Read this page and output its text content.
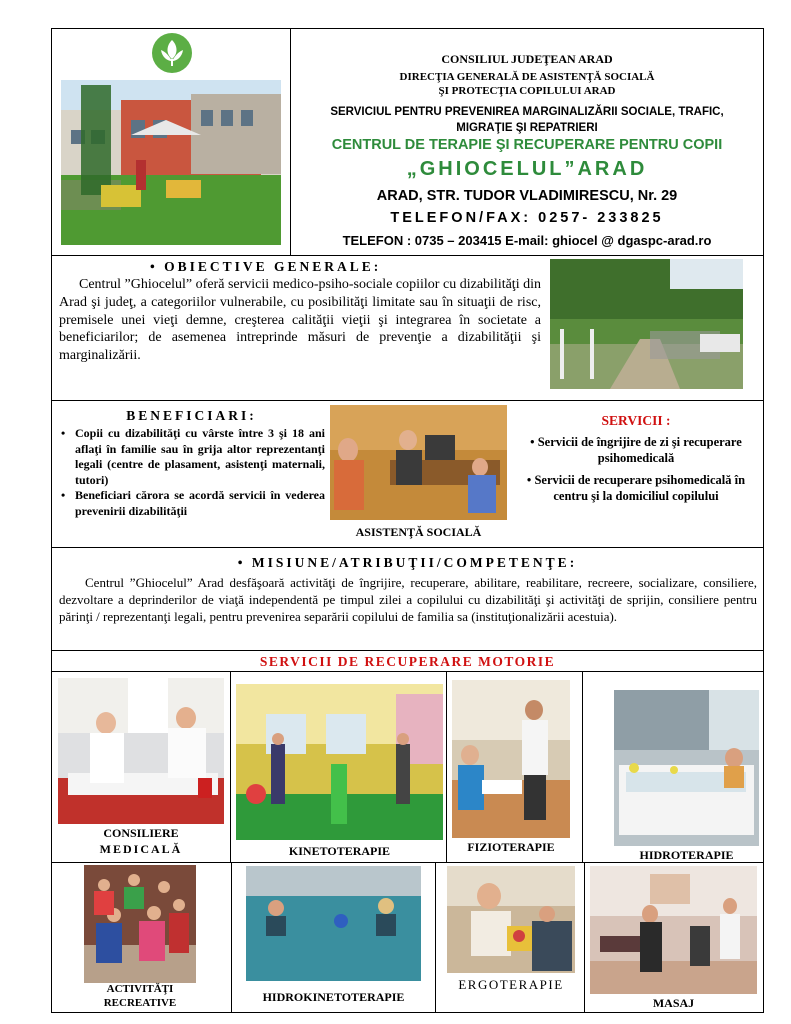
CONSILIUL JUDEŢEAN ARAD
DIRECŢIA GENERALĂ DE ASISTENŢĂ SOCIALĂ
ŞI PROTECŢIA COPILULUI ARAD
SERVICIUL PENTRU PREVENIREA MARGINALIZĂRII SOCIALE, TRAFIC,
MIGRAŢIE ŞI REPATRIERI
CENTRUL DE TERAPIE ŞI RECUPERARE PENTRU COPII
„GHIOCELUL”ARAD
ARAD, STR. TUDOR VLADIMIRESCU, Nr. 29
TELEFON/FAX: 0257- 233825
TELEFON : 0735 – 203415 E-mail: ghiocel @ dgaspc-arad.ro
• OBIECTIVE GENERALE:
Centrul ”Ghiocelul” oferă servicii medico-psiho-sociale copiilor cu dizabilităţi din Arad şi judeţ, a categoriilor vulnerabile, cu posibilităţi limitate sau în situaţii de risc, premisele unei vieţi demne, creşterea calităţii vieţii şi integrarea în societate a beneficiarilor; de asemenea intreprinde măsuri de prevenţie a dizabilităţii şi marginalizării.
BENEFICIARI:
• Copii cu dizabilităţi cu vârste între 3 şi 18 ani aflaţi în familie sau în grija altor reprezentanţi legali (centre de plasament, asistenţi maternali, tutori)
• Beneficiari cărora se acordă servicii în vederea prevenirii dizabilităţii
ASISTENŢĂ SOCIALĂ
SERVICII :
• Servicii de îngrijire de zi şi recuperare psihomedicală
• Servicii de recuperare psihomedicală în centru şi la domiciliul copilului
• MISIUNE/ATRIBUŢII/COMPETENŢE:
Centrul ”Ghiocelul” Arad desfăşoară activităţi de îngrijire, recuperare, abilitare, reabilitare, recreere, socializare, consiliere, dezvoltare a deprinderilor de viaţă independentă pe timpul zilei a copilului cu dizabilităţi şi activităţi de sprijin, consiliere pentru părinţi / reprezentanţi legali, pentru prevenirea separării copilului de familia sa (instituţionalizării acestuia).
SERVICII DE RECUPERARE MOTORIE
CONSILIERE
MEDICALĂ	KINETOTERAPIE	FIZIOTERAPIE
HIDROTERAPIE
ACTIVITĂŢI
RECREATIVE	HIDROKINETOTERAPIE
ERGOTERAPIE
MASAJ
